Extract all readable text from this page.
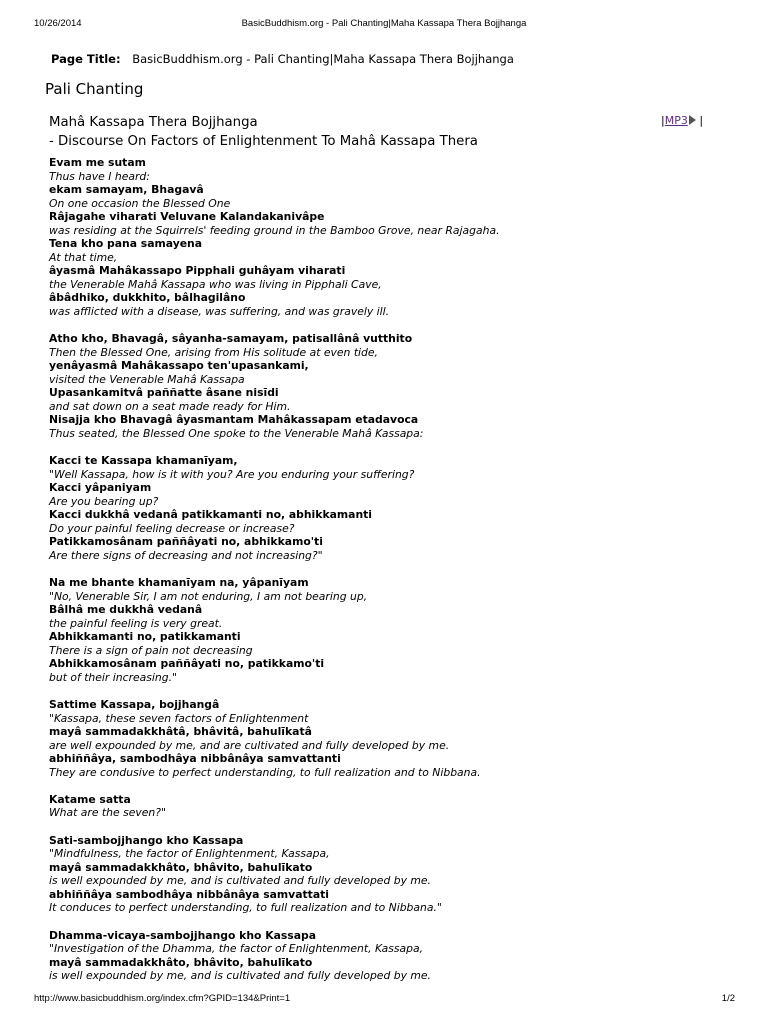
10/26/2014	BasicBuddhism.org - Pali Chanting|Maha Kassapa Thera Bojjhanga
Page Title: BasicBuddhism.org - Pali Chanting|Maha Kassapa Thera Bojjhanga
Pali Chanting
Mahâ Kassapa Thera Bojjhanga
- Discourse On Factors of Enlightenment To Mahâ Kassapa Thera
|MP3 |
Evam me sutam
Thus have I heard:
ekam samayam, Bhagavâ
On one occasion the Blessed One
Râjagahe viharati Veluvane Kalandakanivâpe
was residing at the Squirrels' feeding ground in the Bamboo Grove, near Rajagaha.
Tena kho pana samayena
At that time,
âyasmâ Mahâkassapo Pipphali guhâyam viharati
the Venerable Mahâ Kassapa who was living in Pipphali Cave,
âbâdhiko, dukkhito, bâlhagilâno
was afflicted with a disease, was suffering, and was gravely ill.
Atho kho, Bhavagâ, sâyanha-samayam, patisallânâ vutthito
Then the Blessed One, arising from His solitude at even tide,
yenâyasmâ Mahâkassapo ten'upasankami,
visited the Venerable Mahâ Kassapa
Upasankamitvâ paññatte âsane nisīdi
and sat down on a seat made ready for Him.
Nisajja kho Bhavagâ âyasmantam Mahâkassapam etadavoca
Thus seated, the Blessed One spoke to the Venerable Mahâ Kassapa:
Kacci te Kassapa khamanīyam,
"Well Kassapa, how is it with you? Are you enduring your suffering?
Kacci yâpaniyam
Are you bearing up?
Kacci dukkhâ vedanâ patikkamanti no, abhikkamanti
Do your painful feeling decrease or increase?
Patikkamosânam paññâyati no, abhikkamo'ti
Are there signs of decreasing and not increasing?"
Na me bhante khamanīyam na, yâpanīyam
"No, Venerable Sir, I am not enduring, I am not bearing up,
Bâlhâ me dukkhâ vedanâ
the painful feeling is very great.
Abhikkamanti no, patikkamanti
There is a sign of pain not decreasing
Abhikkamosânam paññâyati no, patikkamo'ti
but of their increasing."
Sattime Kassapa, bojjhangâ
"Kassapa, these seven factors of Enlightenment
mayâ sammadakkhâtâ, bhâvitâ, bahulīkatâ
are well expounded by me, and are cultivated and fully developed by me.
abhiññâya, sambodhâya nibbânâya samvattanti
They are condusive to perfect understanding, to full realization and to Nibbana.
Katame satta
What are the seven?"
Sati-sambojjhango kho Kassapa
"Mindfulness, the factor of Enlightenment, Kassapa,
mayâ sammadakkhâto, bhâvito, bahulīkato
is well expounded by me, and is cultivated and fully developed by me.
abhiññâya sambodhâya nibbânâya samvattati
It conduces to perfect understanding, to full realization and to Nibbana."
Dhamma-vicaya-sambojjhango kho Kassapa
"Investigation of the Dhamma, the factor of Enlightenment, Kassapa,
mayâ sammadakkhâto, bhâvito, bahulīkato
is well expounded by me, and is cultivated and fully developed by me.
http://www.basicbuddhism.org/index.cfm?GPID=134&Print=1	1/2
